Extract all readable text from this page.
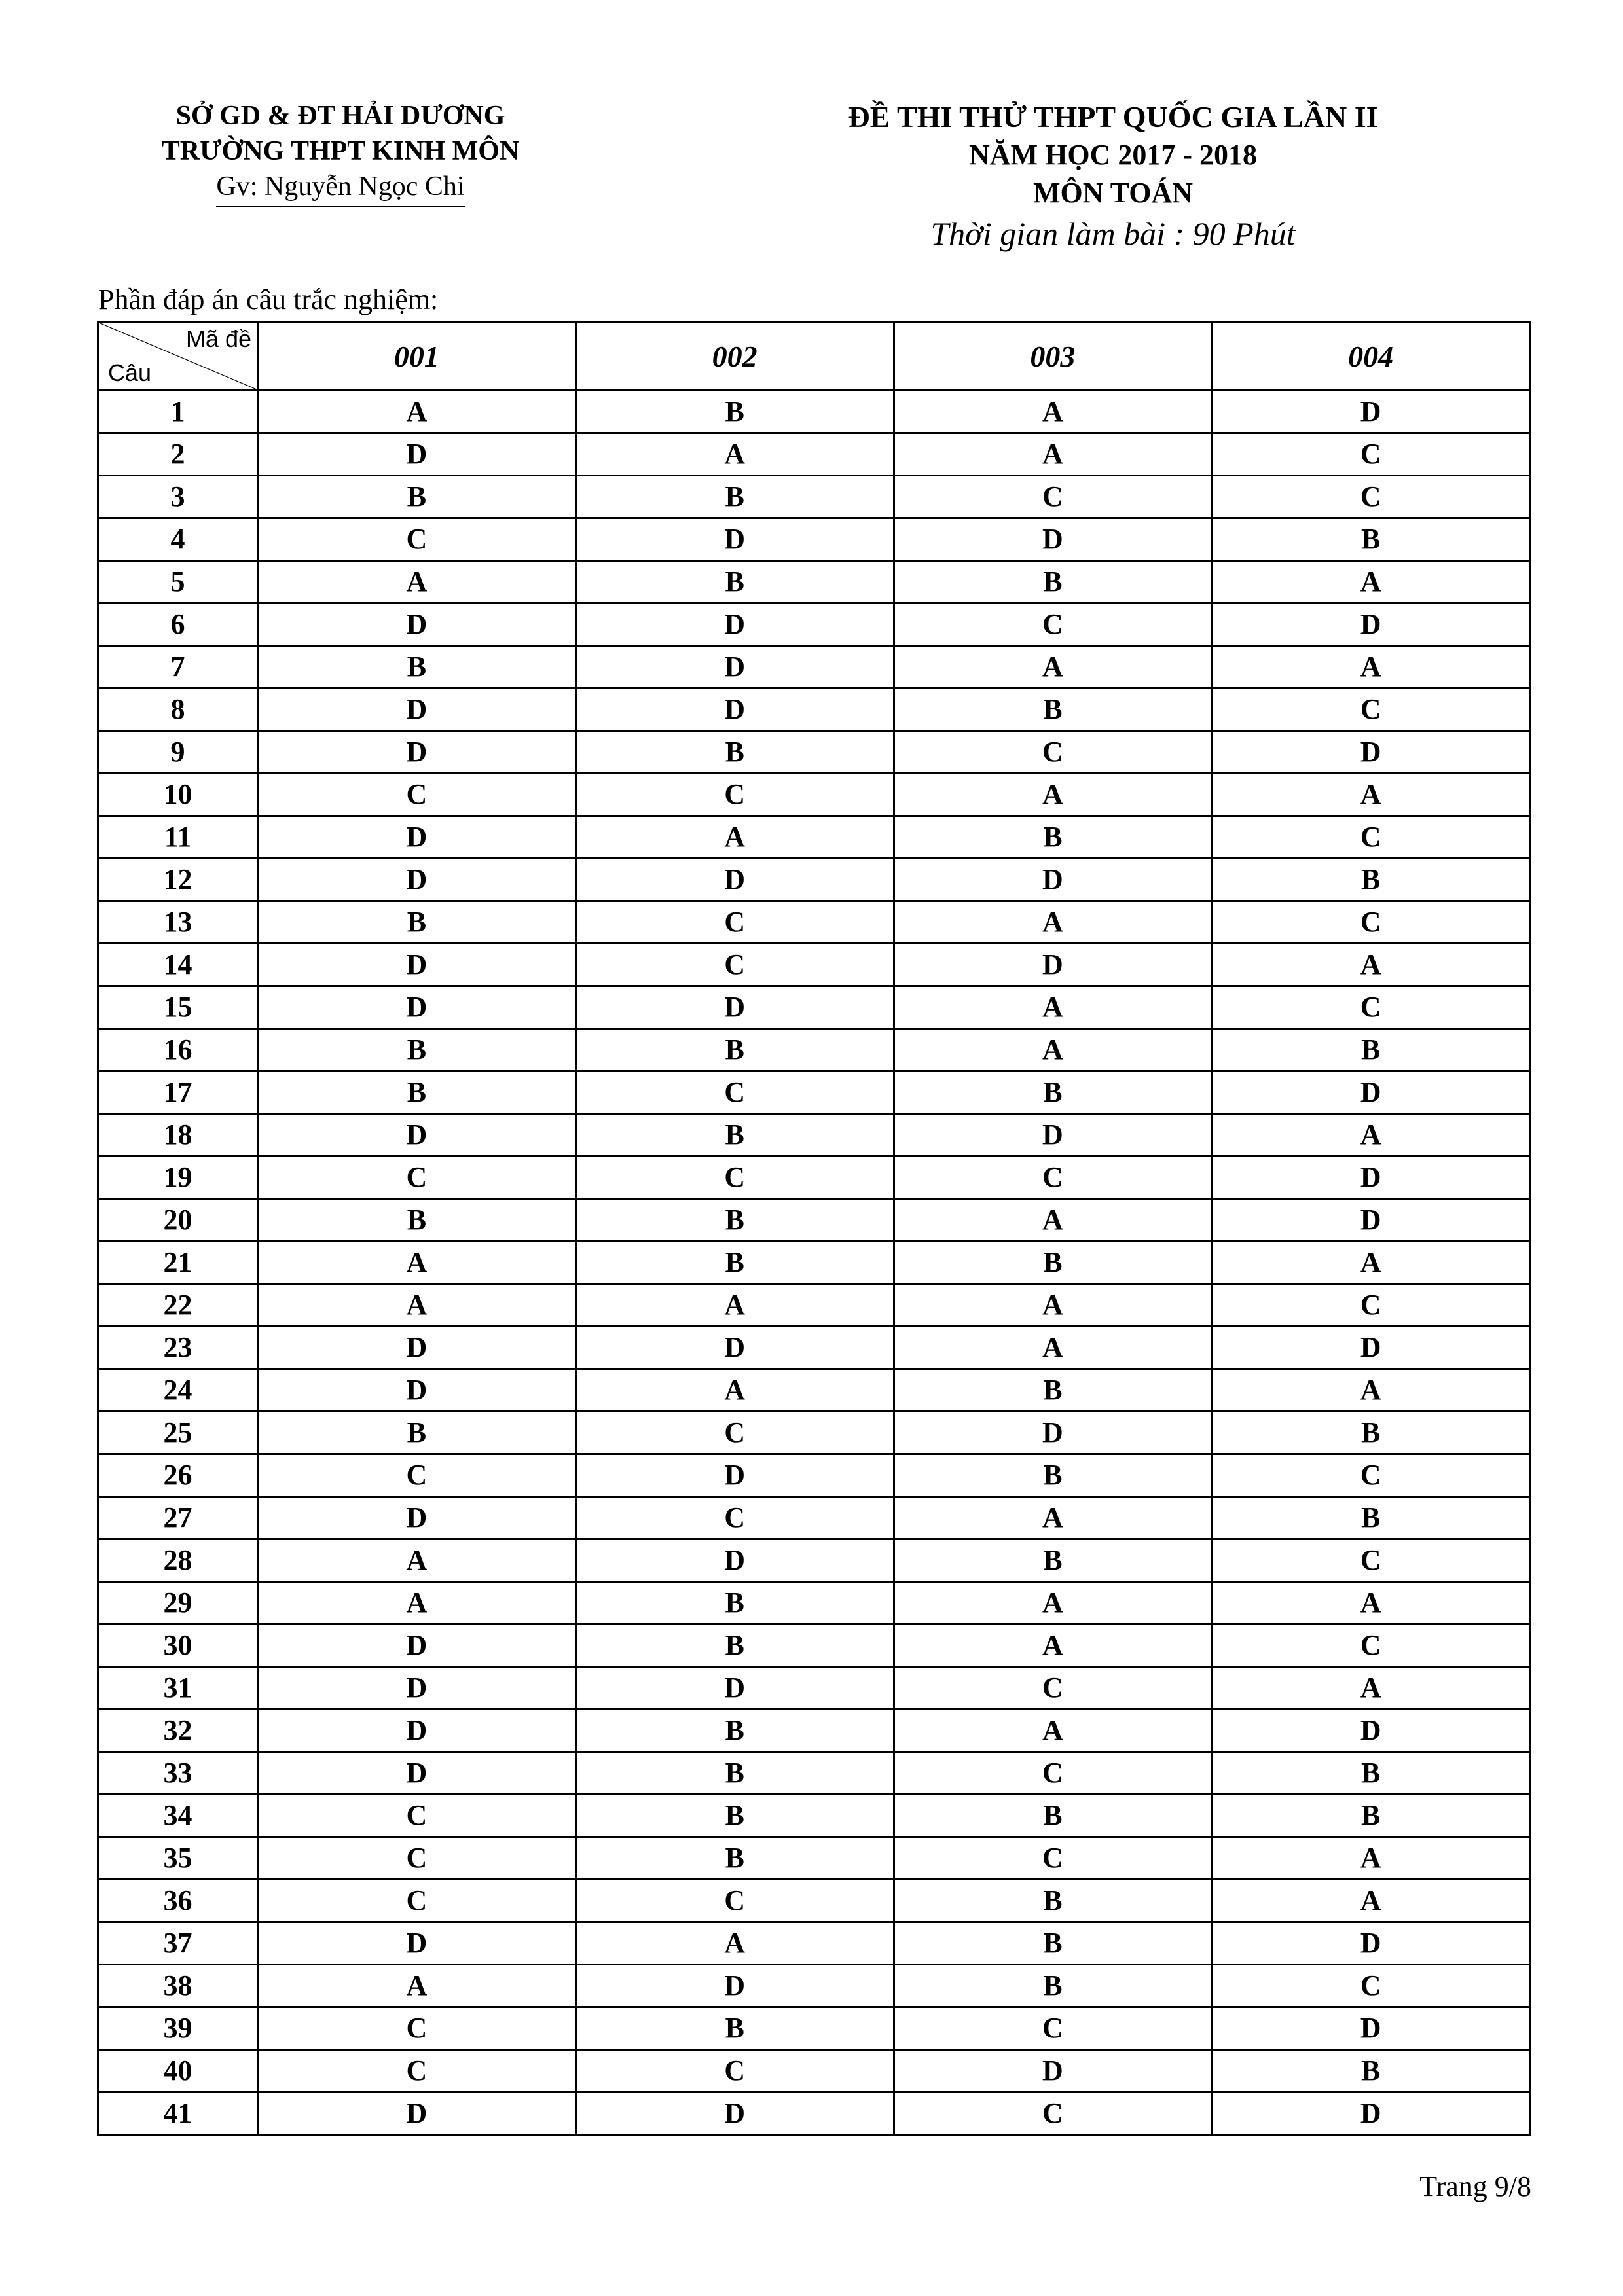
SỞ GD & ĐT HẢI DƯƠNG
TRƯỜNG THPT KINH MÔN
Gv: Nguyễn Ngọc Chi
ĐỀ THI THỬ THPT QUỐC GIA LẦN II
NĂM HỌC 2017 - 2018
MÔN TOÁN
Thời gian làm bài : 90 Phút
Phần đáp án câu trắc nghiệm:
Mã đề
Câu	001	002	003	004
1	A	B	A	D
2	D	A	A	C
3	B	B	C	C
4	C	D	D	B
5	A	B	B	A
6	D	D	C	D
7	B	D	A	A
8	D	D	B	C
9	D	B	C	D
10	C	C	A	A
11	D	A	B	C
12	D	D	D	B
13	B	C	A	C
14	D	C	D	A
15	D	D	A	C
16	B	B	A	B
17	B	C	B	D
18	D	B	D	A
19	C	C	C	D
20	B	B	A	D
21	A	B	B	A
22	A	A	A	C
23	D	D	A	D
24	D	A	B	A
25	B	C	D	B
26	C	D	B	C
27	D	C	A	B
28	A	D	B	C
29	A	B	A	A
30	D	B	A	C
31	D	D	C	A
32	D	B	A	D
33	D	B	C	B
34	C	B	B	B
35	C	B	C	A
36	C	C	B	A
37	D	A	B	D
38	A	D	B	C
39	C	B	C	D
40	C	C	D	B
41	D	D	C	D
Trang 9/8
